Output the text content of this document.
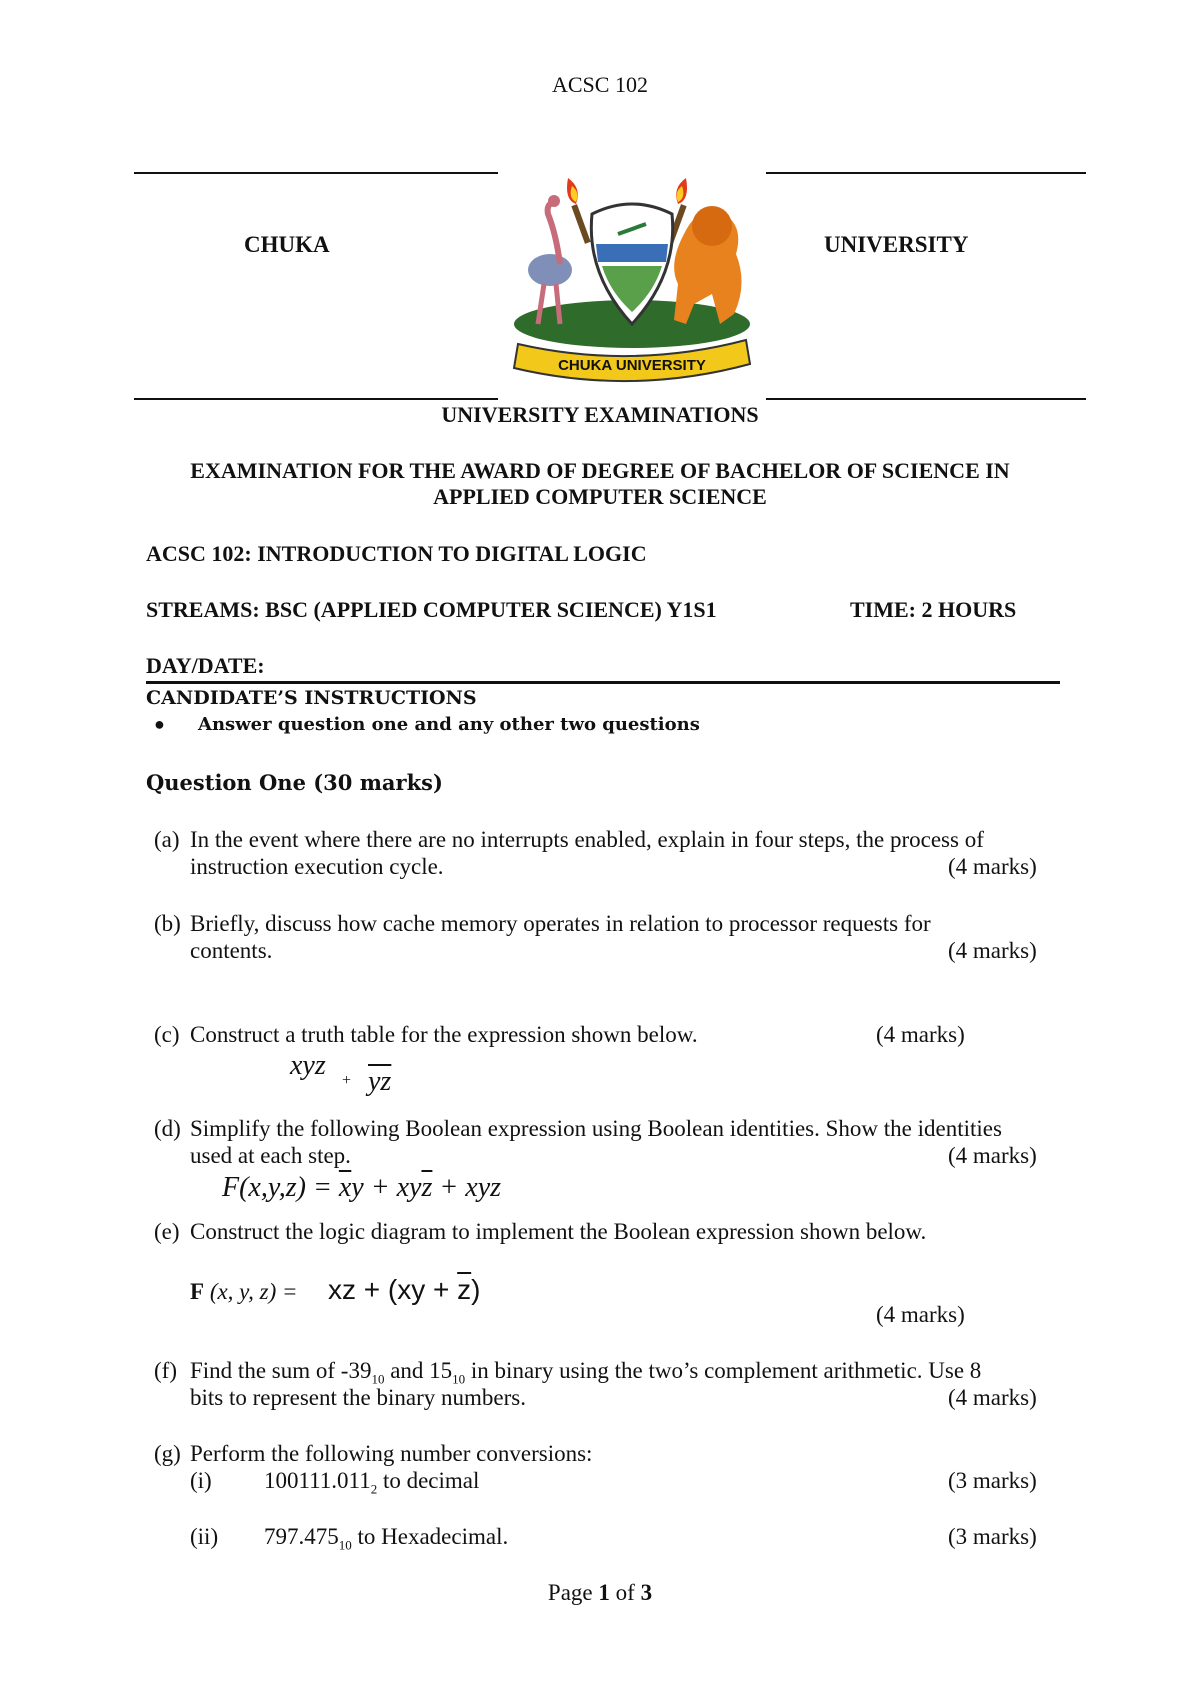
ACSC 102
CHUKA	UNIVERSITY
CHUKA UNIVERSITY
UNIVERSITY EXAMINATIONS
EXAMINATION FOR THE AWARD OF DEGREE OF BACHELOR OF SCIENCE IN
APPLIED COMPUTER SCIENCE
ACSC 102: INTRODUCTION TO DIGITAL LOGIC
STREAMS: BSC (APPLIED COMPUTER SCIENCE) Y1S1	TIME: 2 HOURS
DAY/DATE:
CANDIDATE’S INSTRUCTIONS
● Answer question one and any other two questions
Question One (30 marks)
(a) In the event where there are no interrupts enabled, explain in four steps, the process of
instruction execution cycle.	(4 marks)
(b) Briefly, discuss how cache memory operates in relation to processor requests for
contents.	(4 marks)
(c) Construct a truth table for the expression shown below.	(4 marks)
xyz + $\overline{yz}$
(d) Simplify the following Boolean expression using Boolean identities. Show the identities
used at each step.	(4 marks)
$F(x,y,z) = \overline{x}y + xy\overline{z}$ + xyz
(e) Construct the logic diagram to implement the Boolean expression shown below.
F (x, y, z) = xz + $(xy + \overline{z})$
(4 marks)
(f) Find the sum of $-39_{10}$ and $15_{10}$ in binary using the two’s complement arithmetic. Use 8
bits to represent the binary numbers.	(4 marks)
(g) Perform the following number conversions:
(i) $100111.011_2$ to decimal	(3 marks)
(ii) $797.475_{10}$ to Hexadecimal.	(3 marks)
Page 1 of 3
